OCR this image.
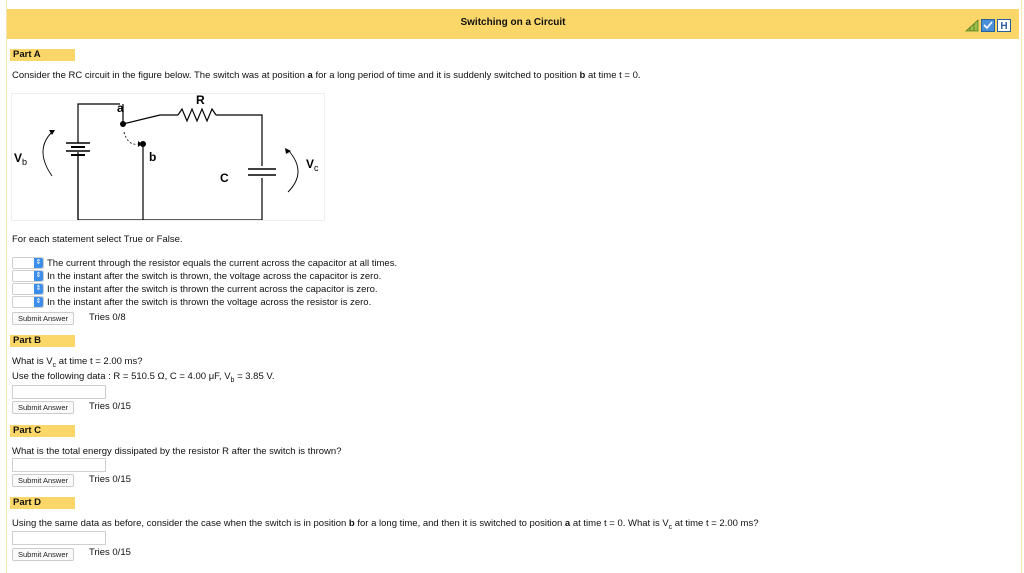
Switching on a Circuit	H
Part A
Consider the RC circuit in the figure below. The switch was at position a for a long period of time and it is suddenly switched to position b at time t = 0.
a
b
R
C
$V_b$	$V_c$
For each statement select True or False.
⇕ The current through the resistor equals the current across the capacitor at all times.
⇕ In the instant after the switch is thrown, the voltage across the capacitor is zero.
⇕ In the instant after the switch is thrown the current across the capacitor is zero.
⇕ In the instant after the switch is thrown the voltage across the resistor is zero.
Submit Answer	Tries 0/8
Part B
What is $V_c$ at time t = 2.00 ms?
Use the following data : R = 510.5 Ω, C = 4.00 μF, $V_b = 3.85$ V.
Submit Answer	Tries 0/15
Part C
What is the total energy dissipated by the resistor R after the switch is thrown?
Submit Answer	Tries 0/15
Part D
Using the same data as before, consider the case when the switch is in position b for a long time, and then it is switched to position a at time t = 0. What is $V_c$ at time t = 2.00 ms?
Submit Answer	Tries 0/15
